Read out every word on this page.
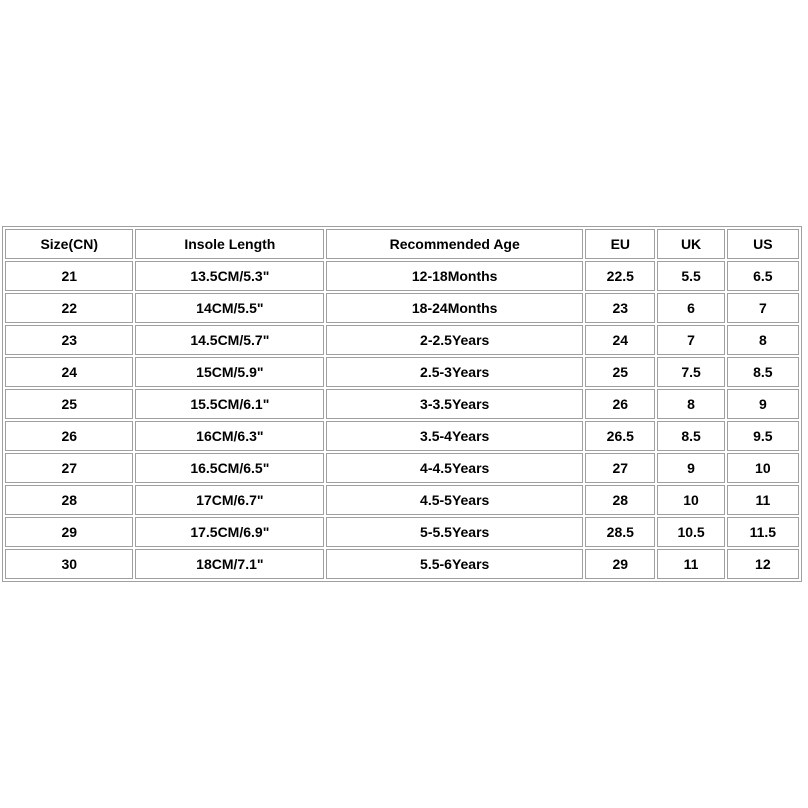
Size(CN)	Insole Length	Recommended Age	EU	UK	US
21	13.5CM/5.3"	12-18Months	22.5	5.5	6.5
22	14CM/5.5"	18-24Months	23	6	7
23	14.5CM/5.7"	2-2.5Years	24	7	8
24	15CM/5.9"	2.5-3Years	25	7.5	8.5
25	15.5CM/6.1"	3-3.5Years	26	8	9
26	16CM/6.3"	3.5-4Years	26.5	8.5	9.5
27	16.5CM/6.5"	4-4.5Years	27	9	10
28	17CM/6.7"	4.5-5Years	28	10	11
29	17.5CM/6.9"	5-5.5Years	28.5	10.5	11.5
30	18CM/7.1"	5.5-6Years	29	11	12
